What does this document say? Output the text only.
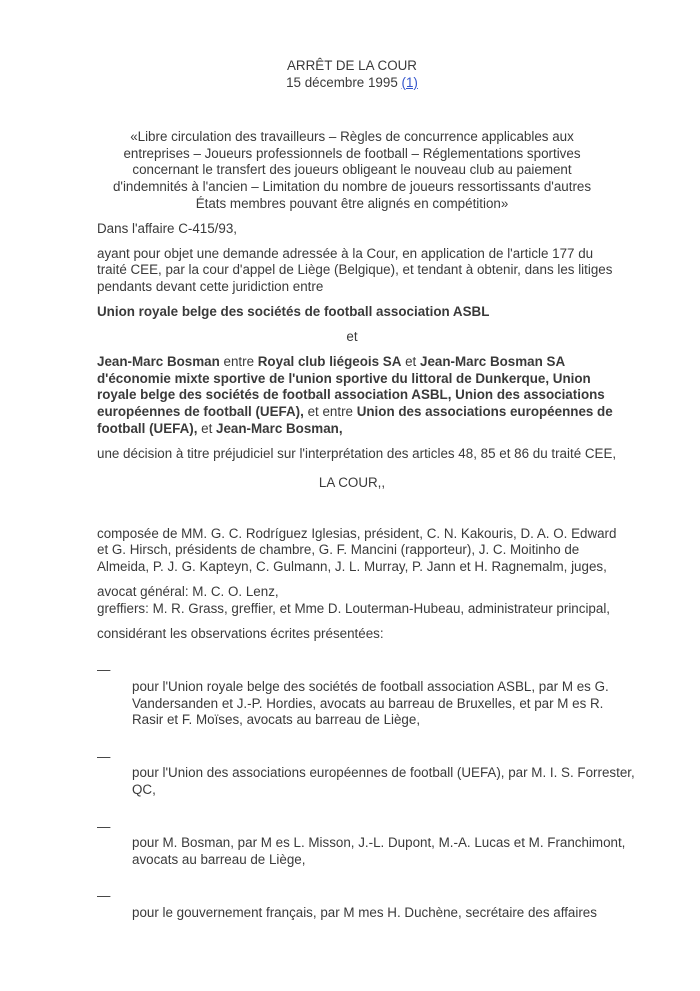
ARRÊT DE LA COUR
15 décembre 1995 (1)

«Libre circulation des travailleurs – Règles de concurrence applicables aux entreprises – Joueurs professionnels de football – Réglementations sportives concernant le transfert des joueurs obligeant le nouveau club au paiement d'indemnités à l'ancien – Limitation du nombre de joueurs ressortissants d'autres États membres pouvant être alignés en compétition»

Dans l'affaire C-415/93,

ayant pour objet une demande adressée à la Cour, en application de l'article 177 du traité CEE, par la cour d'appel de Liège (Belgique), et tendant à obtenir, dans les litiges pendants devant cette juridiction entre

Union royale belge des sociétés de football association ASBL

et

Jean-Marc Bosman entre Royal club liégeois SA et Jean-Marc Bosman SA d'économie mixte sportive de l'union sportive du littoral de Dunkerque, Union royale belge des sociétés de football association ASBL, Union des associations européennes de football (UEFA), et entre Union des associations européennes de football (UEFA), et Jean-Marc Bosman,

une décision à titre préjudiciel sur l'interprétation des articles 48, 85 et 86 du traité CEE,

LA COUR,,

composée de MM. G. C. Rodríguez Iglesias, président, C. N. Kakouris, D. A. O. Edward et G. Hirsch, présidents de chambre, G. F. Mancini (rapporteur), J. C. Moitinho de Almeida, P. J. G. Kapteyn, C. Gulmann, J. L. Murray, P. Jann et H. Ragnemalm, juges,

avocat général: M. C. O. Lenz,
greffiers: M. R. Grass, greffier, et Mme D. Louterman-Hubeau, administrateur principal,

considérant les observations écrites présentées:

—
pour l'Union royale belge des sociétés de football association ASBL, par M es G. Vandersanden et J.-P. Hordies, avocats au barreau de Bruxelles, et par M es R. Rasir et F. Moïses, avocats au barreau de Liège,
—
pour l'Union des associations européennes de football (UEFA), par M. I. S. Forrester, QC,
—
pour M. Bosman, par M es L. Misson, J.-L. Dupont, M.-A. Lucas et M. Franchimont, avocats au barreau de Liège,
—
pour le gouvernement français, par M mes H. Duchène, secrétaire des affaires
